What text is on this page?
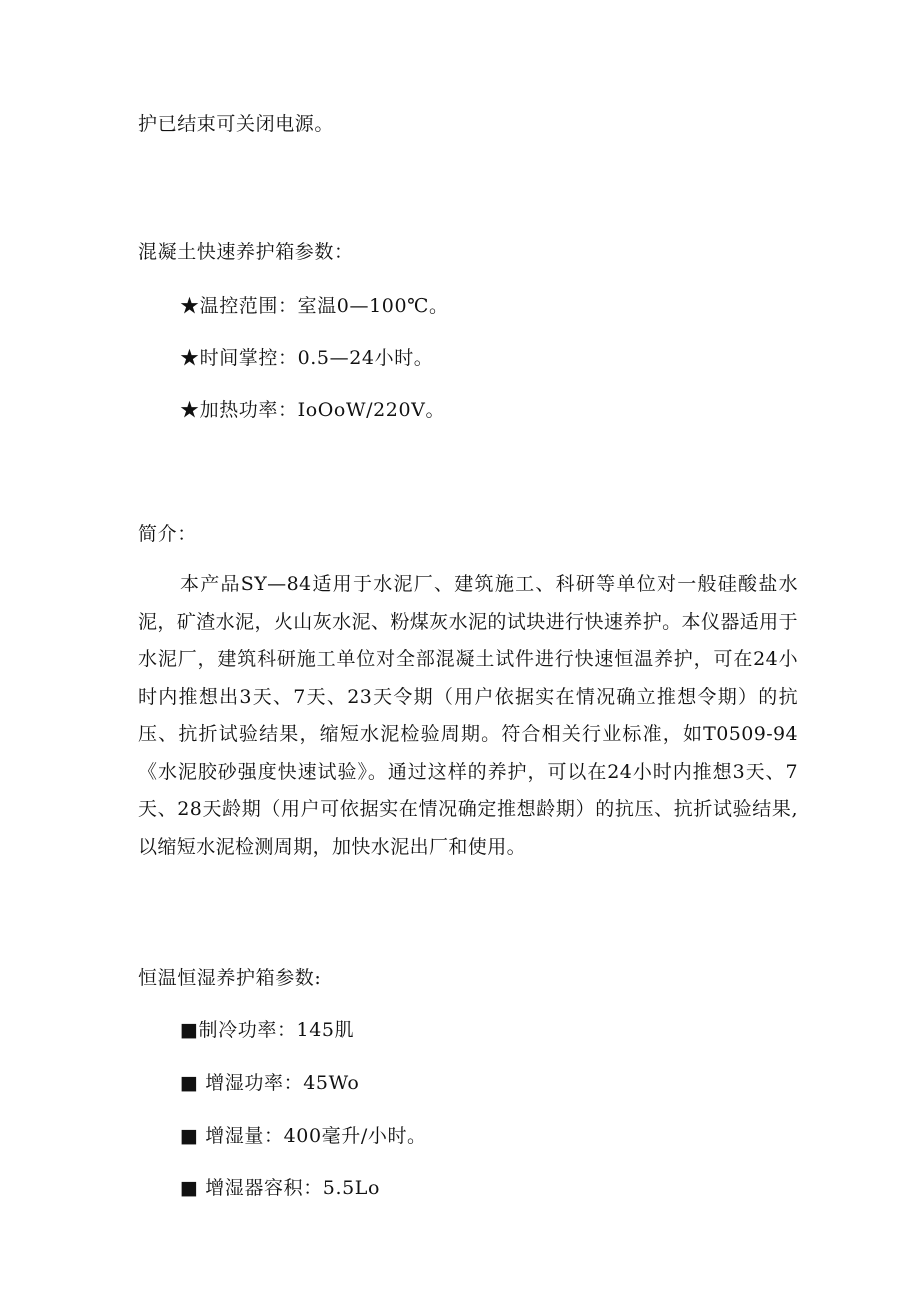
护已结束可关闭电源。
混凝土快速养护箱参数：
★温控范围：室温0—100℃。
★时间掌控：0.5—24小时。
★加热功率：IoOoW/220V。
简介：
本产品SY—84适用于水泥厂、建筑施工、科研等单位对一般硅酸盐水泥，矿渣水泥，火山灰水泥、粉煤灰水泥的试块进行快速养护。本仪器适用于水泥厂，建筑科研施工单位对全部混凝土试件进行快速恒温养护，可在24小时内推想出3天、7天、23天令期（用户依据实在情况确立推想令期）的抗压、抗折试验结果，缩短水泥检验周期。符合相关行业标准，如T0509-94《水泥胶砂强度快速试验》。通过这样的养护，可以在24小时内推想3天、7天、28天龄期（用户可依据实在情况确定推想龄期）的抗压、抗折试验结果,以缩短水泥检测周期，加快水泥出厂和使用。
恒温恒湿养护箱参数:
■制冷功率：145肌
■ 增湿功率：45Wo
■ 增湿量：400毫升/小时。
■ 增湿器容积：5.5Lo
